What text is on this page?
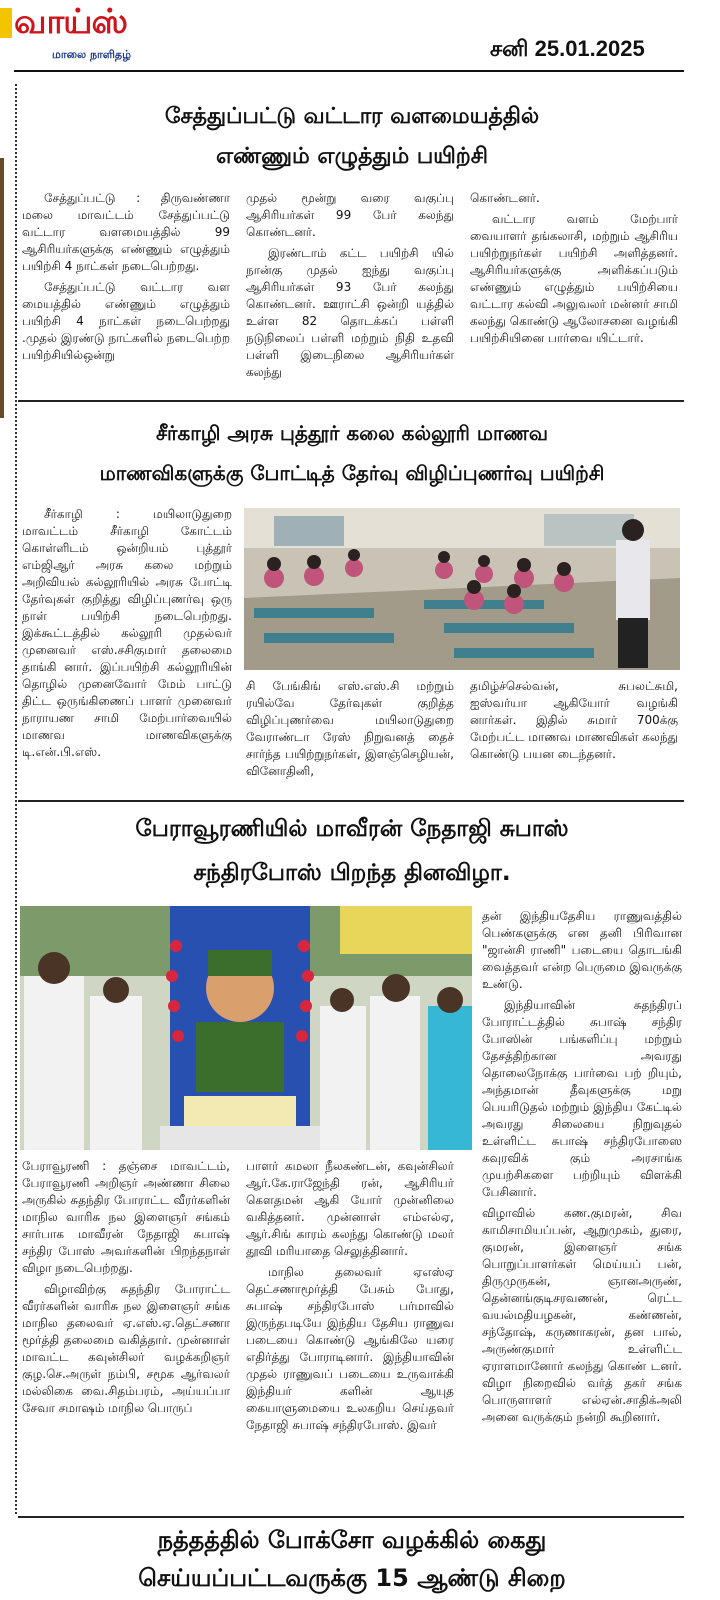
வாய்ஸ்
மாலை நாளிதழ்	சனி 25.01.2025
சேத்துப்பட்டு வட்டார வளமையத்தில்
எண்ணும் எழுத்தும் பயிற்சி

சேத்துப்பட்டு : திருவண்ணா மலை மாவட்டம் சேத்துப்பட்டு வட்டார வளமையத்தில் 99 ஆசிரியர்களுக்கு எண்ணும் எழுத்தும் பயிற்சி 4 நாட்கள் நடைபெற்றது.

சேத்துப்பட்டு வட்டார வள மையத்தில் எண்ணும் எழுத்தும் பயிற்சி 4 நாட்கள் நடைபெற்றது .முதல் இரண்டு நாட்களில் நடைபெற்ற பயிற்சியில்ஒன்று

முதல் மூன்று வரை வகுப்பு ஆசிரியர்கள் 99 பேர் கலந்து கொண்டனர்.

இரண்டாம் கட்ட பயிற்சி யில் நான்கு முதல் ஐந்து வகுப்பு ஆசிரியர்கள் 93 பேர் கலந்து கொண்டனர். ஊராட்சி ஒன்றி யத்தில் உள்ள 82 தொடக்கப் பள்ளி நடுநிலைப் பள்ளி மற்றும் நிதி உதவி பள்ளி இடைநிலை ஆசிரியர்கள் கலந்து

கொண்டனர்.

வட்டார வளம் மேற்பார் வையாளர் தங்கலாசி, மற்றும் ஆசிரிய பயிற்றுநர்கள் பயிற்சி அளித்தனர். ஆசிரியர்களுக்கு அளிக்கப்படும் எண்ணும் எழுத்தும் பயிற்சியை வட்டார கல்வி அலுவலர் மன்னர் சாமி கலந்து கொண்டு ஆலோசனை வழங்கி பயிற்சியினை பார்வை யிட்டார்.

சீர்காழி அரசு புத்தூர் கலை கல்லூரி மாணவ
மாணவிகளுக்கு போட்டித் தேர்வு விழிப்புணர்வு பயிற்சி

சீர்காழி : மயிலாடுதுறை மாவட்டம் சீர்காழி கோட்டம் கொள்ளிடம் ஒன்றியம் புத்தூர் எம்ஜிஆர் அரசு கலை மற்றும் அறிவியல் கல்லூரியில் அரசு போட்டி தேர்வுகள் குறித்து விழிப்புணர்வு ஒரு நாள் பயிற்சி நடைபெற்றது. இக்கூட்டத்தில் கல்லூரி முதல்வர் முனைவர் எஸ்.சசிகுமார் தலைமை தாங்கி னார். இப்பயிற்சி கல்லூரியின் தொழில் முனைவோர் மேம் பாட்டு திட்ட ஒருங்கிணைப் பாளர் முனைவர் நாராயண சாமி மேற்பார்வையில் மாணவ மாணவிகளுக்கு டி.என்.பி.எஸ்.

சி பேங்கிங் எஸ்.எஸ்.சி மற்றும் ரயில்வே தேர்வுகள் குறித்த விழிப்புணர்வை மயிலாடுதுறை வேராண்டா ரேஸ் நிறுவனத் தைச் சார்ந்த பயிற்றுநர்கள், இளஞ்செழியன், வினோதினி,

தமிழ்ச்செல்வன், சுபலட்சுமி, ஐஸ்வர்யா ஆகியோர் வழங்கி னார்கள். இதில் சுமார் 700க்கு மேற்பட்ட மாணவ மாணவிகள் கலந்து கொண்டு பயன டைந்தனர்.

பேராவூரணியில் மாவீரன் நேதாஜி சுபாஸ்
சந்திரபோஸ் பிறந்த தினவிழா.

பேராவூரணி : தஞ்சை மாவட்டம், பேராவூரணி அறிஞர் அண்ணா சிலை அருகில் சுதந்திர போராட்ட வீரர்களின் மாநில வாரிசு நல இளைஞர் சங்கம் சார்பாக மாவீரன் நேதாஜி சுபாஷ் சந்திர போஸ் அவர்களின் பிறந்தநாள் விழா நடைபெற்றது.

விழாவிற்கு சுதந்திர போராட்ட வீரர்களின் வாரிசு நல இளைஞர் சங்க மாநில தலைவர் ஏ.எஸ்.ஏ.தெட்சணா மூர்த்தி தலைமை வகித்தார். முன்னாள் மாவட்ட கவுன்சிலர் வழக்கறிஞர் குழ.செ.அருள் நம்பி, சமூக ஆர்வலர் மல்லிகை வை.சிதம்பரம், அய்யப்பா சேவா சமாஷம் மாநில பொருப்

பாளர் கமலா நீலகண்டன், கவுன்சிலர் ஆர்.கே.ராஜேந்தி ரன், ஆசிரியர் கௌதமன் ஆகி யோர் முன்னிலை வகித்தனர். முன்னாள் எம்எல்ஏ, ஆர்.சிங் காரம் கலந்து கொண்டு மலர் தூவி மரியாதை செலுத்தினார்.

மாநில தலைவர் ஏஎஸ்ஏ தெட்சணாமூர்த்தி பேசும் போது, சுபாஷ் சந்திரபோஸ் பர்மாவில் இருந்தபடியே இந்திய தேசிய ராணுவ படையை கொண்டு ஆங்கிலே யரை எதிர்த்து போராடினார். இந்தியாவின் முதல் ராணுவப் படையை உருவாக்கி இந்தியர் களின் ஆயுத கையாளுமையை உலகறிய செய்தவர் நேதாஜி சுபாஷ் சந்திரபோஸ். இவர்

தன் இந்தியதேசிய ராணுவத்தில் பெண்களுக்கு என தனி பிரிவான "ஜான்சி ராணி" படையை தொடங்கி வைத்தவர் என்ற பெருமை இவருக்கு உண்டு.

இந்தியாவின் சுதந்திரப் போராட்டத்தில் சுபாஷ் சந்திர போஸின் பங்களிப்பு மற்றும் தேசத்திற்கான அவரது தொலைநோக்கு பார்வை பற் றியும், அந்தமான் தீவுகளுக்கு மறு பெயரிடுதல் மற்றும் இந்திய கேட்டில் அவரது சிலையை நிறுவுதல் உள்ளிட்ட சுபாஷ் சந்திரபோஸை கவுரவிக் கும் அரசாங்க முயற்சிகளை பற்றியும் விளக்கி பேசினார்.

விழாவில் கண.குமரன், சிவ காமிசாமியப்பன், ஆறுமுகம், துரை, குமரன், இளைஞர் சங்க பொறுப்பாளர்கள் மெய்யப் பன், திருமுருகன், ஞானஅருண், தென்னங்குடிசரவணன், ரெட்ட வயல்மதியழகன், கண்ணன், சந்தோஷ், கருணாகரன், தன பால், அருண்குமார் உள்ளிட்ட ஏராளமானோர் கலந்து கொண் டனர். விழா நிறைவில் வர்த் தகர் சங்க பொருளாளர் எல்ஏன்.சாதிக்அலி அனை வருக்கும் நன்றி கூறினார்.

நத்தத்தில் போக்சோ வழக்கில் கைது
செய்யப்பட்டவருக்கு 15 ஆண்டு சிறை
